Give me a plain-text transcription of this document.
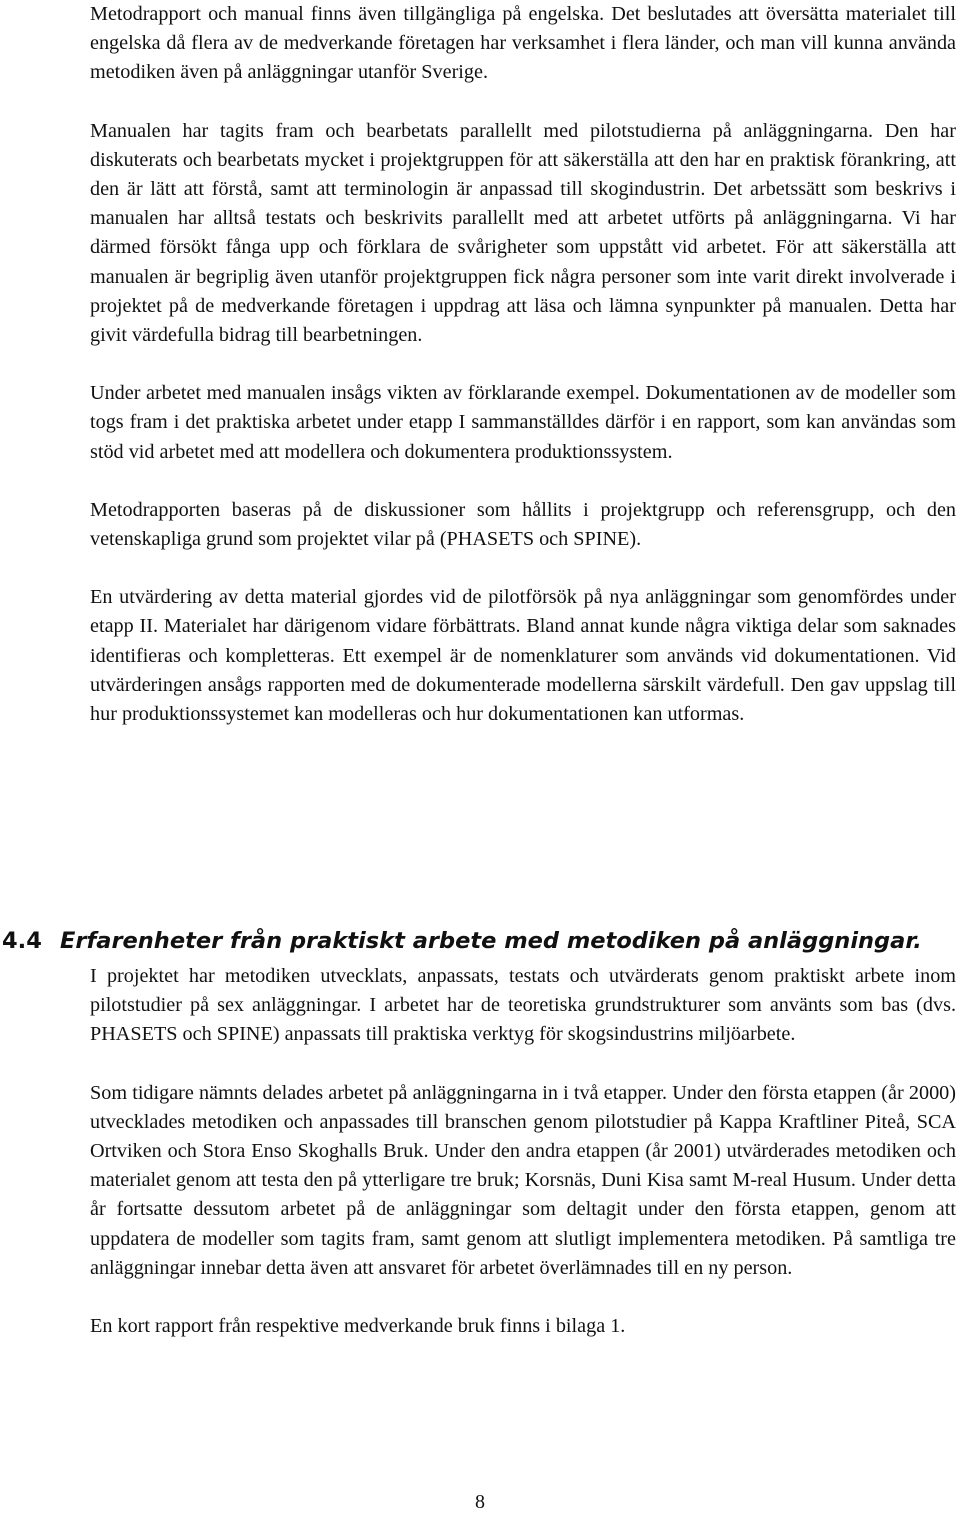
Metodrapport och manual finns även tillgängliga på engelska. Det beslutades att översätta materialet till engelska då flera av de medverkande företagen har verksamhet i flera länder, och man vill kunna använda metodiken även på anläggningar utanför Sverige.

Manualen har tagits fram och bearbetats parallellt med pilotstudierna på anläggningarna. Den har diskuterats och bearbetats mycket i projektgruppen för att säkerställa att den har en praktisk förankring, att den är lätt att förstå, samt att terminologin är anpassad till skogindustrin. Det arbetssätt som beskrivs i manualen har alltså testats och beskrivits parallellt med att arbetet utförts på anläggningarna. Vi har därmed försökt fånga upp och förklara de svårigheter som uppstått vid arbetet. För att säkerställa att manualen är begriplig även utanför projektgruppen fick några personer som inte varit direkt involverade i projektet på de medverkande företagen i uppdrag att läsa och lämna synpunkter på manualen. Detta har givit värdefulla bidrag till bearbetningen.

Under arbetet med manualen insågs vikten av förklarande exempel. Dokumentationen av de modeller som togs fram i det praktiska arbetet under etapp I sammanställdes därför i en rapport, som kan användas som stöd vid arbetet med att modellera och dokumentera produktionssystem.

Metodrapporten baseras på de diskussioner som hållits i projektgrupp och referensgrupp, och den vetenskapliga grund som projektet vilar på (PHASETS och SPINE).

En utvärdering av detta material gjordes vid de pilotförsök på nya anläggningar som genomfördes under etapp II. Materialet har därigenom vidare förbättrats. Bland annat kunde några viktiga delar som saknades identifieras och kompletteras. Ett exempel är de nomenklaturer som används vid dokumentationen. Vid utvärderingen ansågs rapporten med de dokumenterade modellerna särskilt värdefull. Den gav uppslag till hur produktionssystemet kan modelleras och hur dokumentationen kan utformas.

4.4 Erfarenheter från praktiskt arbete med metodiken på anläggningar.

I projektet har metodiken utvecklats, anpassats, testats och utvärderats genom praktiskt arbete inom pilotstudier på sex anläggningar. I arbetet har de teoretiska grundstrukturer som använts som bas (dvs. PHASETS och SPINE) anpassats till praktiska verktyg för skogsindustrins miljöarbete.

Som tidigare nämnts delades arbetet på anläggningarna in i två etapper. Under den första etappen (år 2000) utvecklades metodiken och anpassades till branschen genom pilotstudier på Kappa Kraftliner Piteå, SCA Ortviken och Stora Enso Skoghalls Bruk. Under den andra etappen (år 2001) utvärderades metodiken och materialet genom att testa den på ytterligare tre bruk; Korsnäs, Duni Kisa samt M-real Husum. Under detta år fortsatte dessutom arbetet på de anläggningar som deltagit under den första etappen, genom att uppdatera de modeller som tagits fram, samt genom att slutligt implementera metodiken. På samtliga tre anläggningar innebar detta även att ansvaret för arbetet överlämnades till en ny person.

En kort rapport från respektive medverkande bruk finns i bilaga 1.

8
